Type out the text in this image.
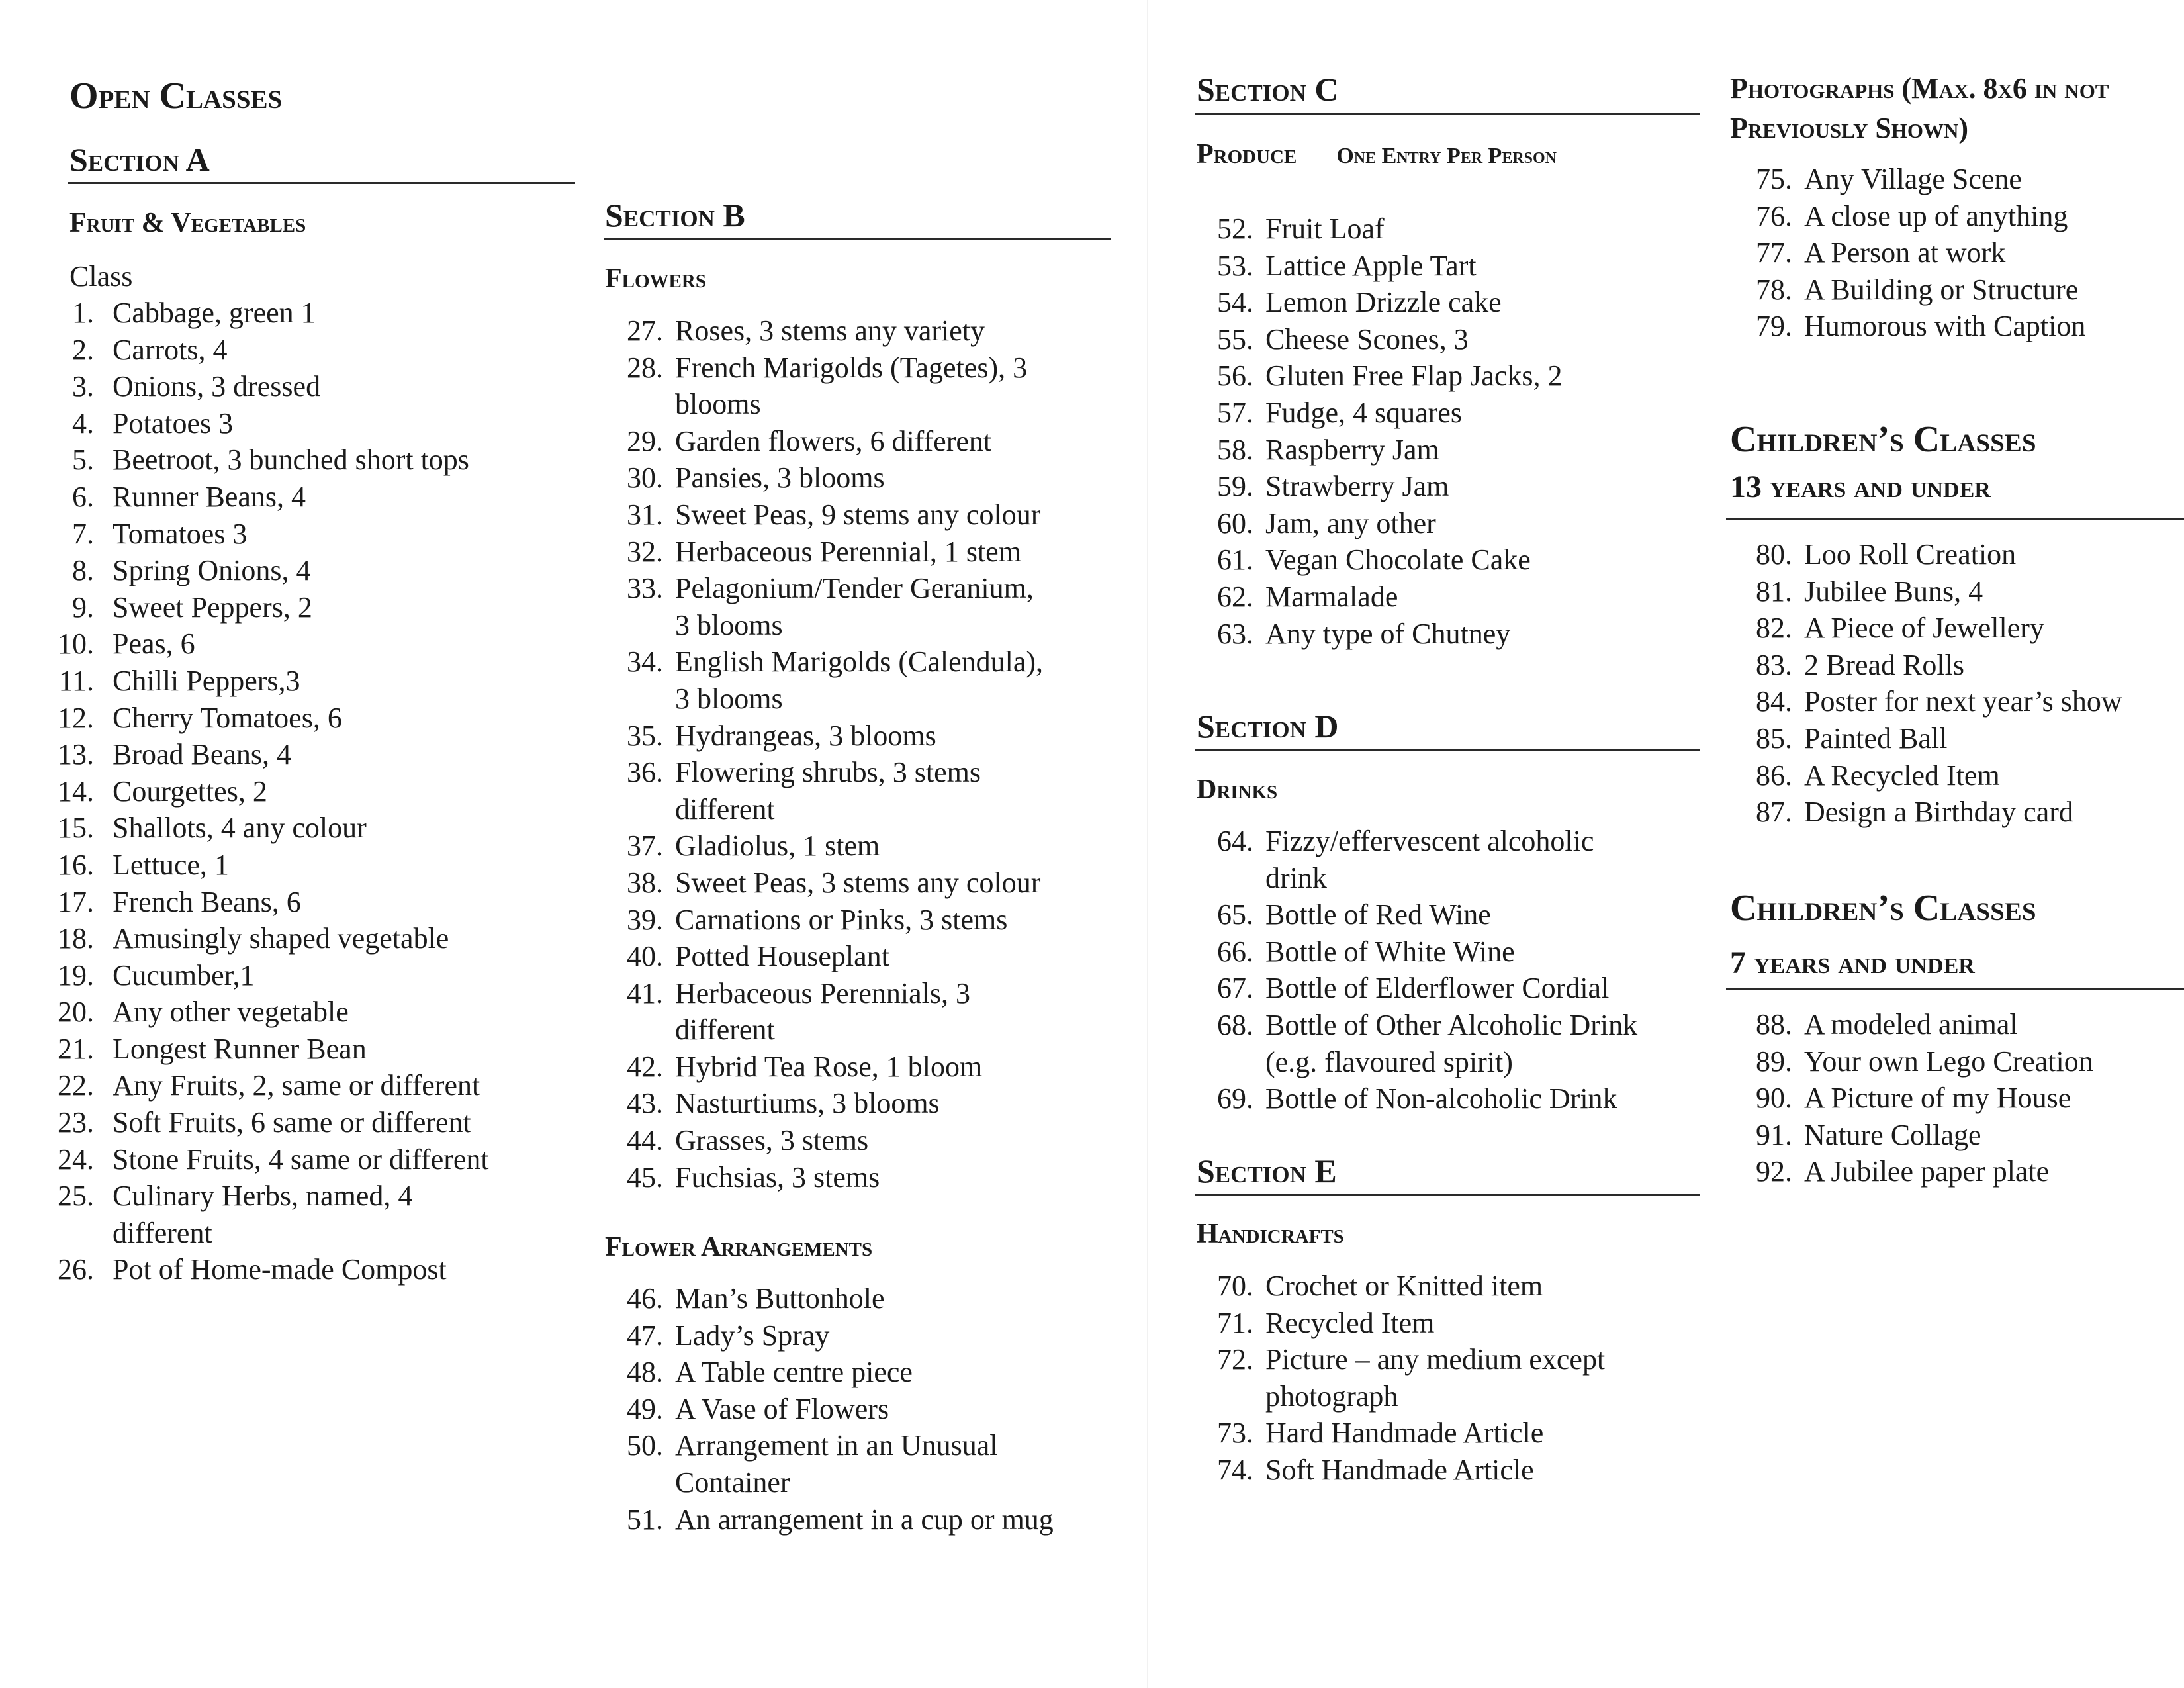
Open Classes
Section A
Fruit & Vegetables
Class
1. Cabbage, green 1
2. Carrots, 4
3. Onions, 3 dressed
4. Potatoes 3
5. Beetroot, 3 bunched short tops
6. Runner Beans, 4
7. Tomatoes 3
8. Spring Onions, 4
9. Sweet Peppers, 2
10. Peas, 6
11. Chilli Peppers,3
12. Cherry Tomatoes, 6
13. Broad Beans, 4
14. Courgettes, 2
15. Shallots, 4 any colour
16. Lettuce, 1
17. French Beans, 6
18. Amusingly shaped vegetable
19. Cucumber,1
20. Any other vegetable
21. Longest Runner Bean
22. Any Fruits, 2, same or different
23. Soft Fruits, 6 same or different
24. Stone Fruits, 4 same or different
25. Culinary Herbs, named, 4
different
26. Pot of Home-made Compost
Section B
Flowers
27. Roses, 3 stems any variety
28. French Marigolds (Tagetes), 3
blooms
29. Garden flowers, 6 different
30. Pansies, 3 blooms
31. Sweet Peas, 9 stems any colour
32. Herbaceous Perennial, 1 stem
33. Pelagonium/Tender Geranium,
3 blooms
34. English Marigolds (Calendula),
3 blooms
35. Hydrangeas, 3 blooms
36. Flowering shrubs, 3 stems
different
37. Gladiolus, 1 stem
38. Sweet Peas, 3 stems any colour
39. Carnations or Pinks, 3 stems
40. Potted Houseplant
41. Herbaceous Perennials, 3
different
42. Hybrid Tea Rose, 1 bloom
43. Nasturtiums, 3 blooms
44. Grasses, 3 stems
45. Fuchsias, 3 stems
Flower Arrangements
46. Man’s Buttonhole
47. Lady’s Spray
48. A Table centre piece
49. A Vase of Flowers
50. Arrangement in an Unusual
Container
51. An arrangement in a cup or mug
Section C
Produce One Entry Per Person
52. Fruit Loaf
53. Lattice Apple Tart
54. Lemon Drizzle cake
55. Cheese Scones, 3
56. Gluten Free Flap Jacks, 2
57. Fudge, 4 squares
58. Raspberry Jam
59. Strawberry Jam
60. Jam, any other
61. Vegan Chocolate Cake
62. Marmalade
63. Any type of Chutney
Section D
Drinks
64. Fizzy/effervescent alcoholic
drink
65. Bottle of Red Wine
66. Bottle of White Wine
67. Bottle of Elderflower Cordial
68. Bottle of Other Alcoholic Drink
(e.g. flavoured spirit)
69. Bottle of Non-alcoholic Drink
Section E
Handicrafts
70. Crochet or Knitted item
71. Recycled Item
72. Picture – any medium except
photograph
73. Hard Handmade Article
74. Soft Handmade Article
Photographs (Max. 8x6 in not
Previously Shown)
75. Any Village Scene
76. A close up of anything
77. A Person at work
78. A Building or Structure
79. Humorous with Caption
Children’s Classes
13 years and under
80. Loo Roll Creation
81. Jubilee Buns, 4
82. A Piece of Jewellery
83. 2 Bread Rolls
84. Poster for next year’s show
85. Painted Ball
86. A Recycled Item
87. Design a Birthday card
Children’s Classes
7 years and under
88. A modeled animal
89. Your own Lego Creation
90. A Picture of my House
91. Nature Collage
92. A Jubilee paper plate
